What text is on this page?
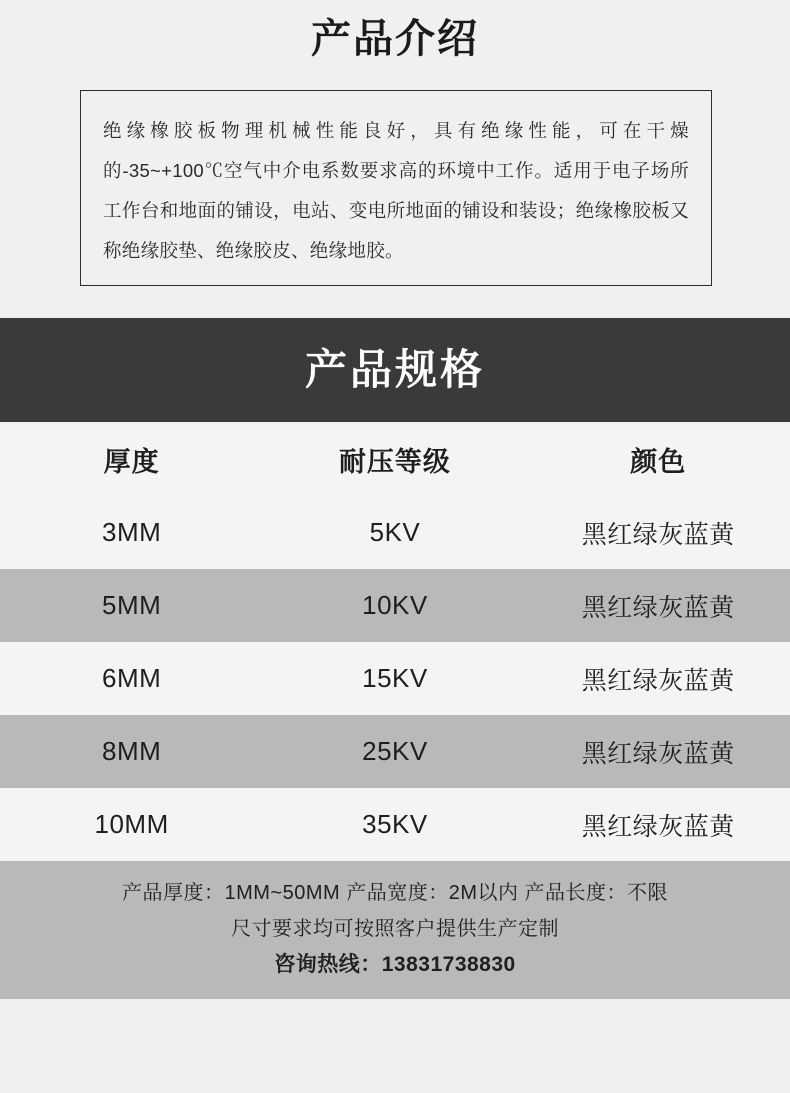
产品介绍

绝缘橡胶板物理机械性能良好，具有绝缘性能，可在干燥的-35~+100℃空气中介电系数要求高的环境中工作。适用于电子场所工作台和地面的铺设，电站、变电所地面的铺设和装设；绝缘橡胶板又称绝缘胶垫、绝缘胶皮、绝缘地胶。

产品规格
厚度	耐压等级	颜色
3MM	5KV	黑红绿灰蓝黄
5MM	10KV	黑红绿灰蓝黄
6MM	15KV	黑红绿灰蓝黄
8MM	25KV	黑红绿灰蓝黄
10MM	35KV	黑红绿灰蓝黄
产品厚度：1MM~50MM 产品宽度：2M以内 产品长度：不限
尺寸要求均可按照客户提供生产定制
咨询热线：13831738830
